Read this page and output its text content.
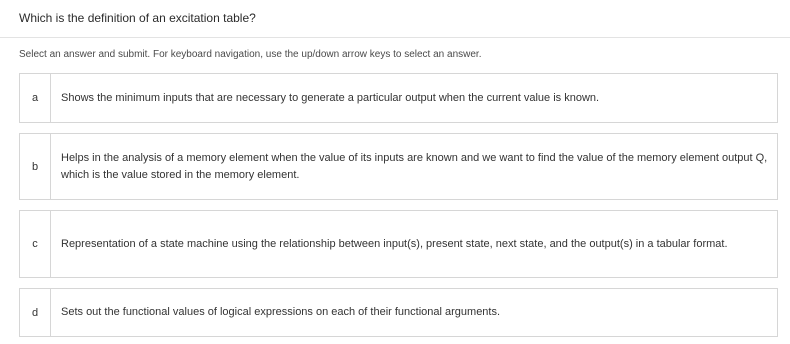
Which is the definition of an excitation table?
Select an answer and submit. For keyboard navigation, use the up/down arrow keys to select an answer.
a	Shows the minimum inputs that are necessary to generate a particular output when the current value is known.
b
Helps in the analysis of a memory element when the value of its inputs are known and we want to find the value of the memory element output Q, which is the value stored in the memory element.
c	Representation of a state machine using the relationship between input(s), present state, next state, and the output(s) in a tabular format.
d	Sets out the functional values of logical expressions on each of their functional arguments.
